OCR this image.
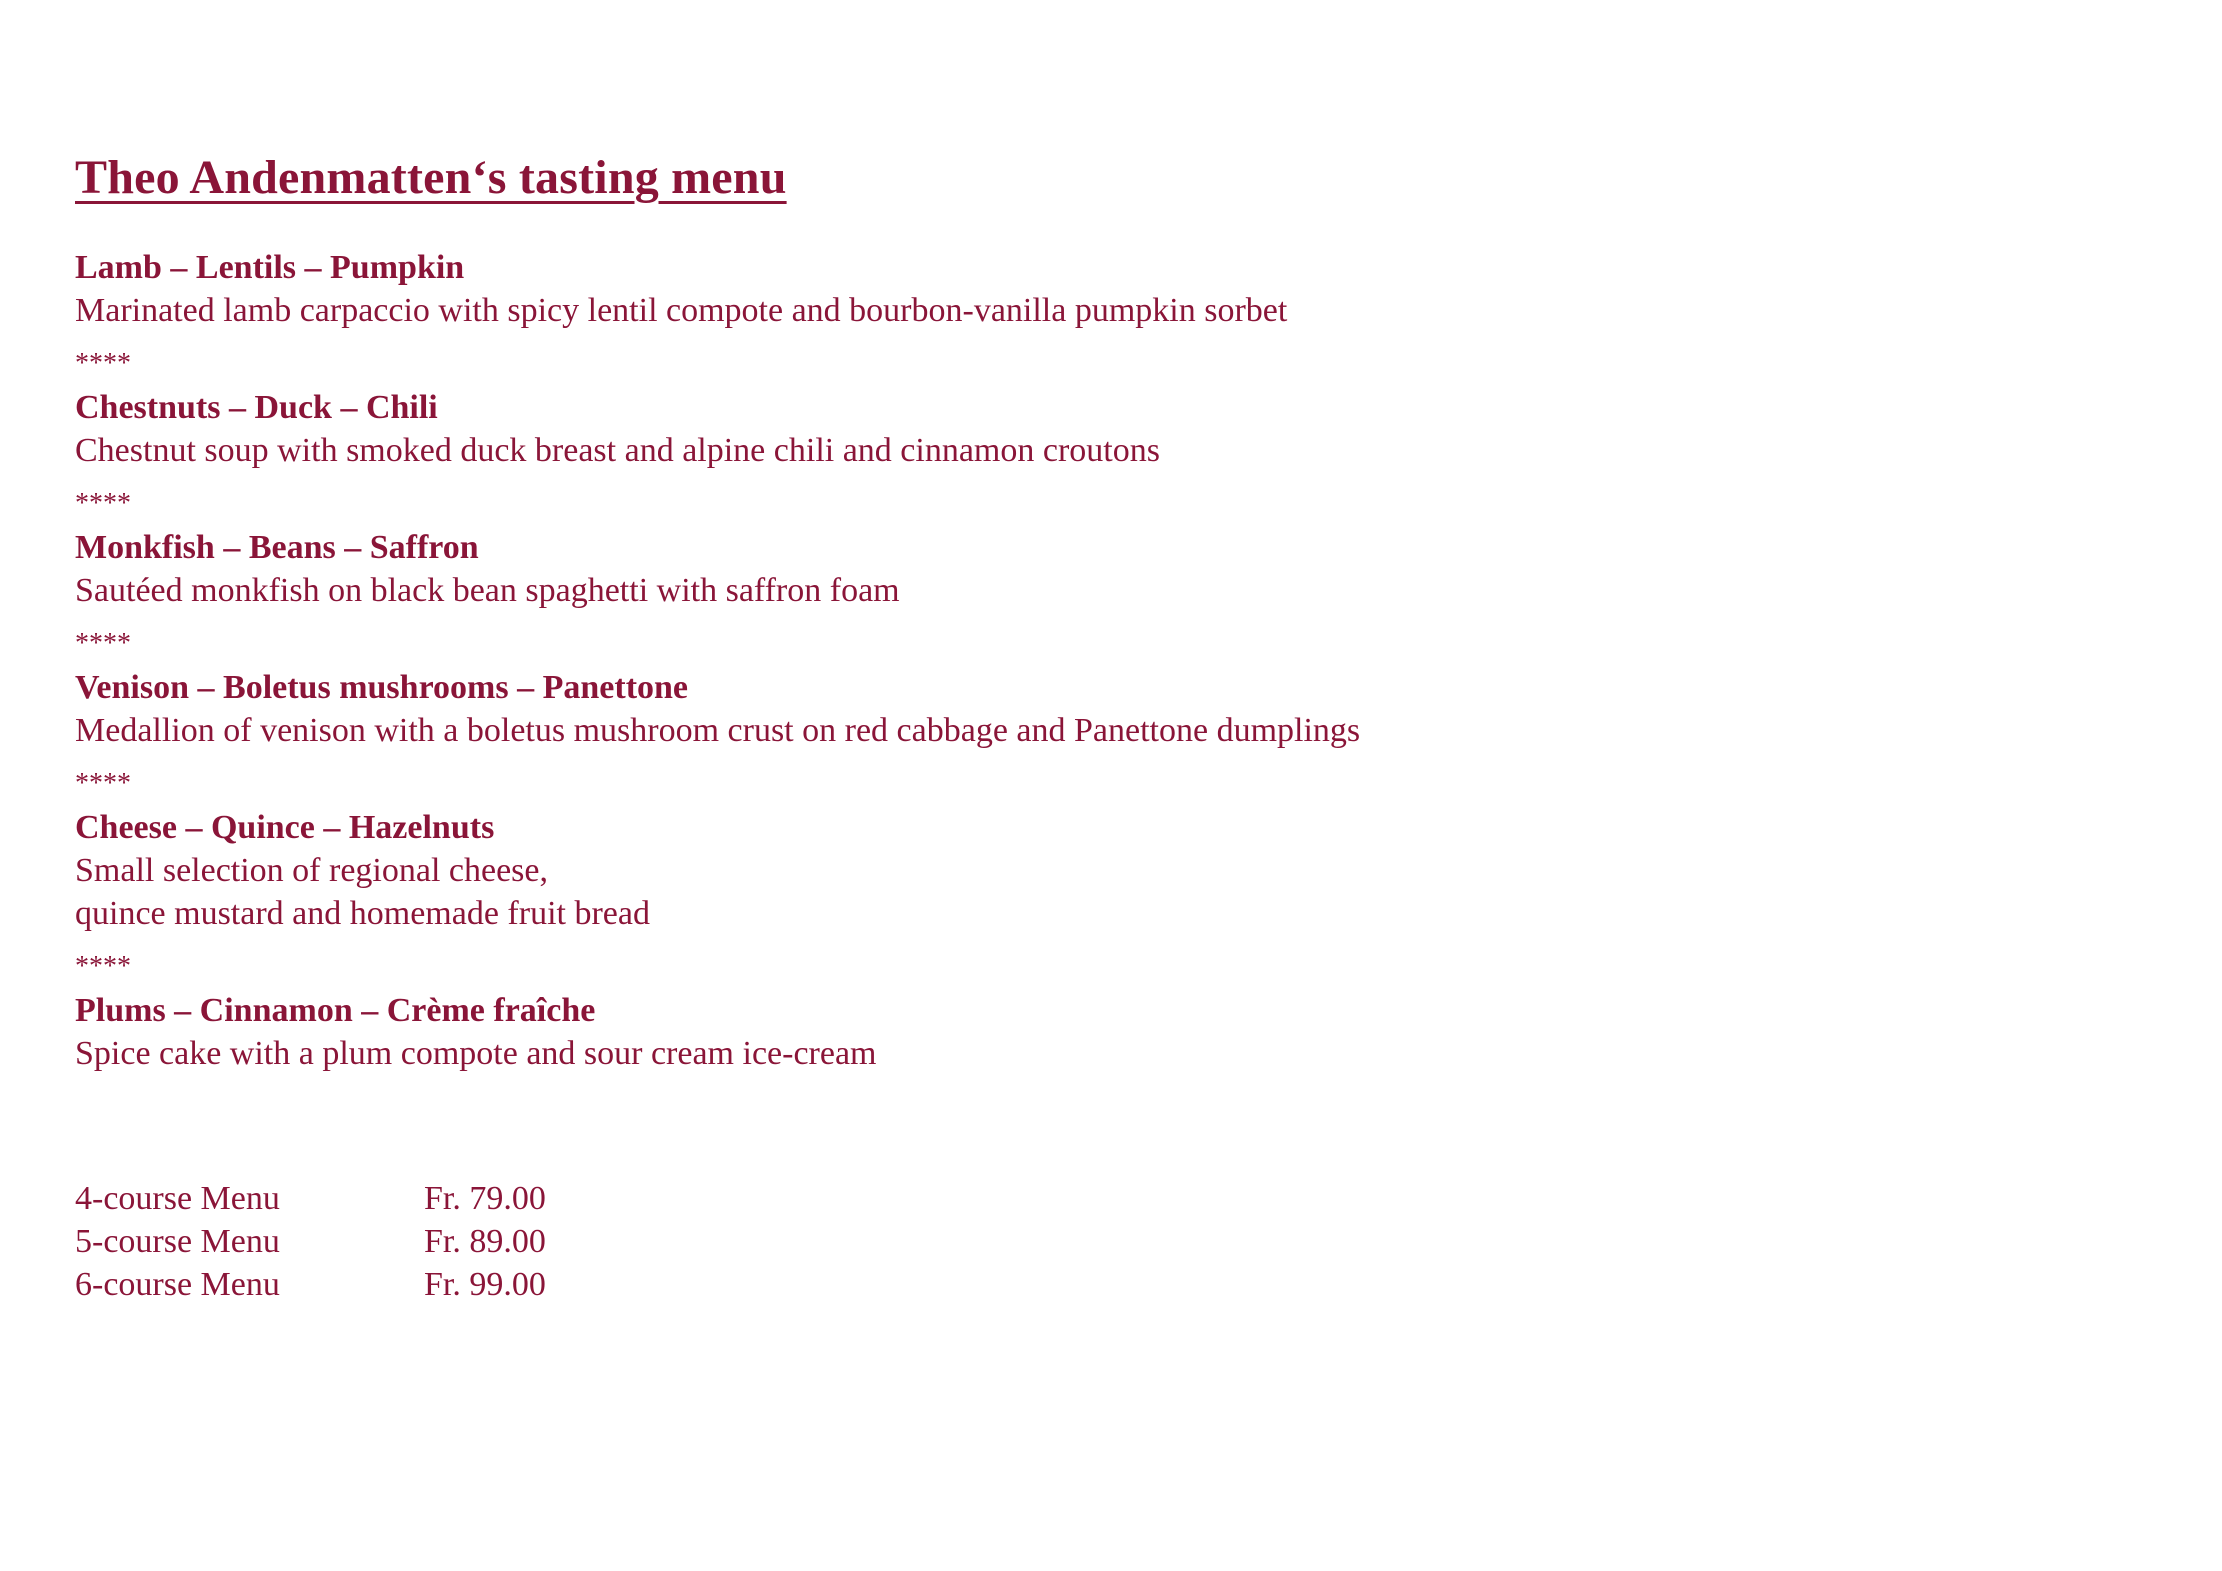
Theo Andenmatten‘s tasting menu
Lamb – Lentils – Pumpkin
Marinated lamb carpaccio with spicy lentil compote and bourbon-vanilla pumpkin sorbet
****
Chestnuts – Duck – Chili
Chestnut soup with smoked duck breast and alpine chili and cinnamon croutons
****
Monkfish – Beans – Saffron
Sautéed monkfish on black bean spaghetti with saffron foam
****
Venison – Boletus mushrooms – Panettone
Medallion of venison with a boletus mushroom crust on red cabbage and Panettone dumplings
****
Cheese – Quince – Hazelnuts
Small selection of regional cheese,
quince mustard and homemade fruit bread
****
Plums – Cinnamon – Crème fraîche
Spice cake with a plum compote and sour cream ice-cream
4-course Menu	Fr. 79.00
5-course Menu	Fr. 89.00
6-course Menu	Fr. 99.00
